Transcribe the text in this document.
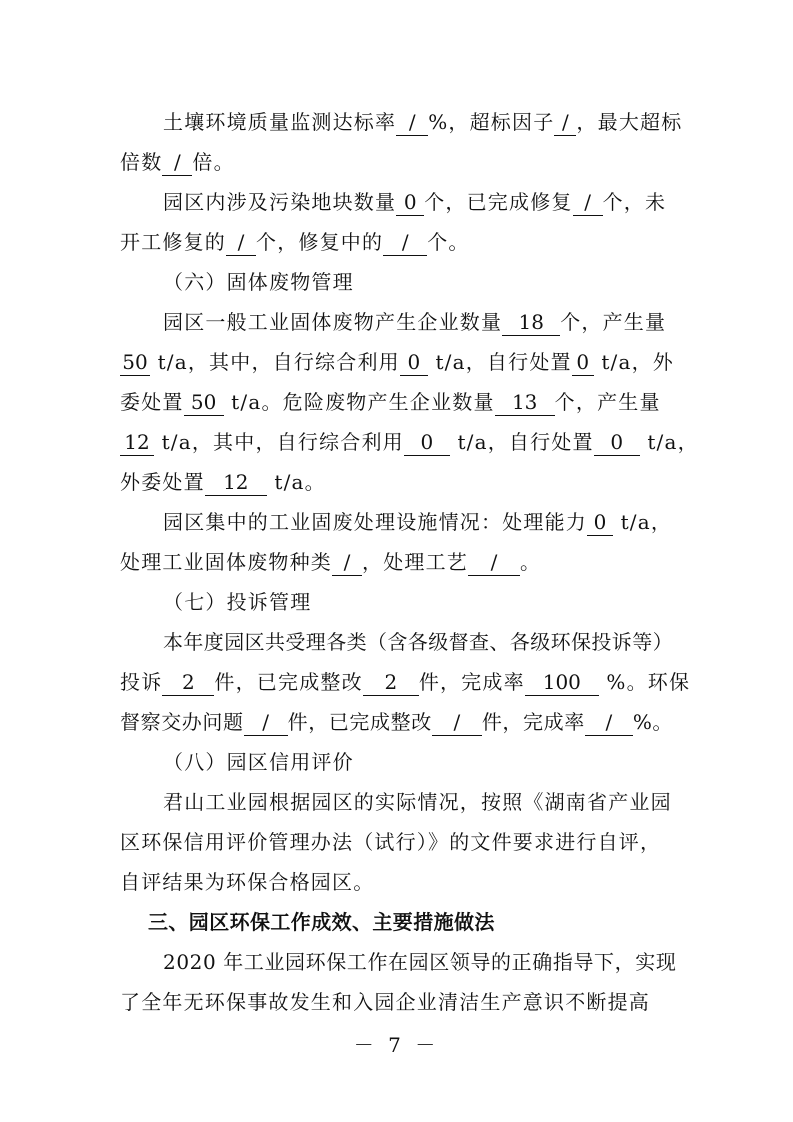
土壤环境质量监测达标率 / %，超标因子 / ，最大超标
倍数 / 倍。
园区内涉及污染地块数量 0 个，已完成修复 / 个，未
开工修复的 / 个，修复中的 / 个。
（六）固体废物管理
园区一般工业固体废物产生企业数量 18 个，产生量
50 t/a，其中，自行综合利用 0 t/a，自行处置 0 t/a，外
委处置 50 t/a。危险废物产生企业数量 13 个，产生量
12 t/a，其中，自行综合利用 0 t/a，自行处置 0 t/a，
外委处置 12 t/a。
园区集中的工业固废处理设施情况：处理能力 0 t/a，
处理工业固体废物种类 / ，处理工艺 / 。
（七）投诉管理
本年度园区共受理各类（含各级督查、各级环保投诉等）
投诉 2 件，已完成整改 2 件，完成率 100 %。环保
督察交办问题 / 件，已完成整改 / 件，完成率 / %。
（八）园区信用评价
君山工业园根据园区的实际情况，按照《湖南省产业园
区环保信用评价管理办法（试行）》的文件要求进行自评，
自评结果为环保合格园区。
三、园区环保工作成效、主要措施做法
2020 年工业园环保工作在园区领导的正确指导下，实现
了全年无环保事故发生和入园企业清洁生产意识不断提高
－ 7 －
